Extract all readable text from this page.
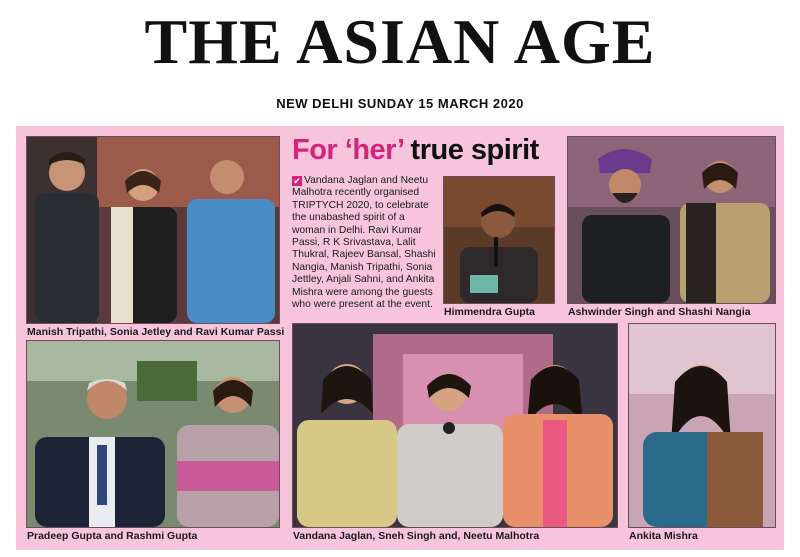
THE ASIAN AGE
NEW DELHI SUNDAY 15 MARCH 2020
Manish Tripathi, Sonia Jetley and Ravi Kumar Passi
For ‘her’ true spirit
✔ Vandana Jaglan and Neetu Malhotra recently organised TRIPTYCH 2020, to celebrate the unabashed spirit of a woman in Delhi. Ravi Kumar Passi, R K Srivastava, Lalit Thukral, Rajeev Bansal, Shashi Nangia, Manish Tripathi, Sonia Jettley, Anjali Sahni, and Ankita Mishra were among the guests who were present at the event.
Himmendra Gupta	Ashwinder Singh and Shashi Nangia
Pradeep Gupta and Rashmi Gupta	Vandana Jaglan, Sneh Singh and, Neetu Malhotra	Ankita Mishra
